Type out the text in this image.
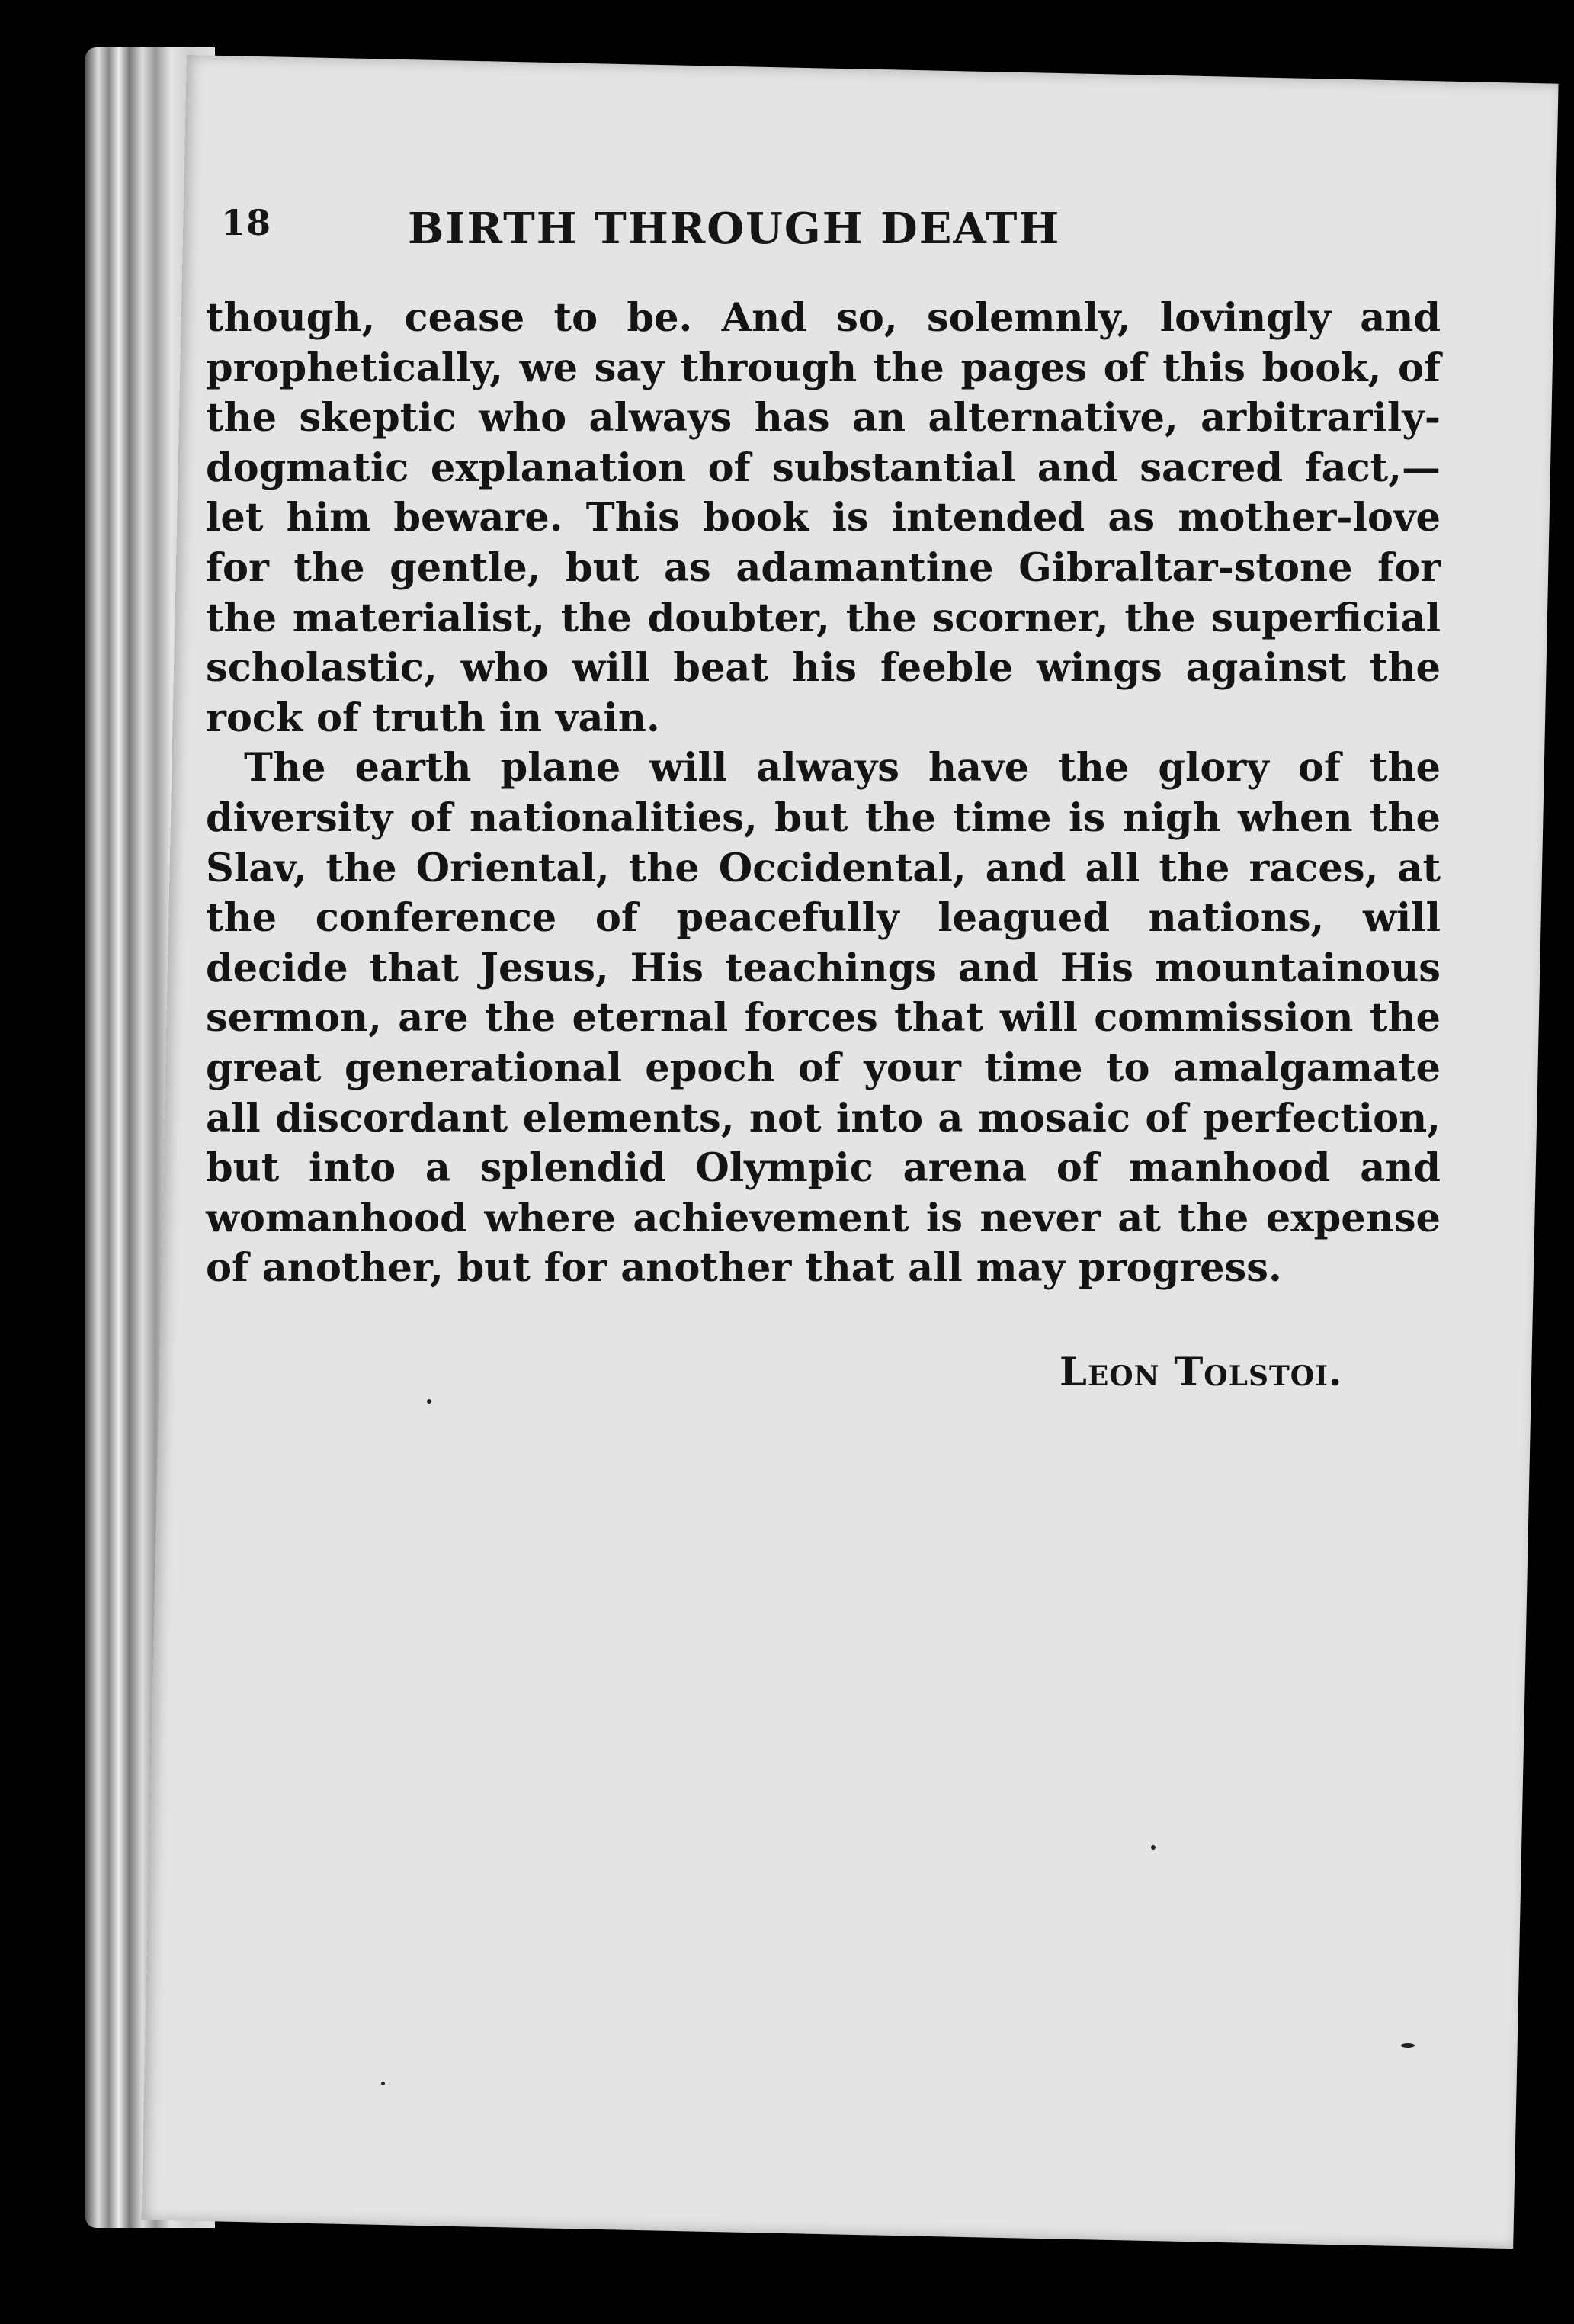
18	BIRTH THROUGH DEATH

though, cease to be. And so, solemnly, lovingly and prophetically, we say through the pages of this book, of the skeptic who always has an alternative, arbitrarily-dogmatic explanation of substantial and sacred fact,—let him beware. This book is intended as mother-love for the gentle, but as adamantine Gibraltar-stone for the materialist, the doubter, the scorner, the superficial scholastic, who will beat his feeble wings against the rock of truth in vain.

The earth plane will always have the glory of the diversity of nationalities, but the time is nigh when the Slav, the Oriental, the Occidental, and all the races, at the conference of peacefully leagued nations, will decide that Jesus, His teachings and His mountainous sermon, are the eternal forces that will commission the great generational epoch of your time to amalgamate all discordant elements, not into a mosaic of perfection, but into a splendid Olympic arena of manhood and womanhood where achievement is never at the expense of another, but for another that all may progress.

Leon Tolstoi.
